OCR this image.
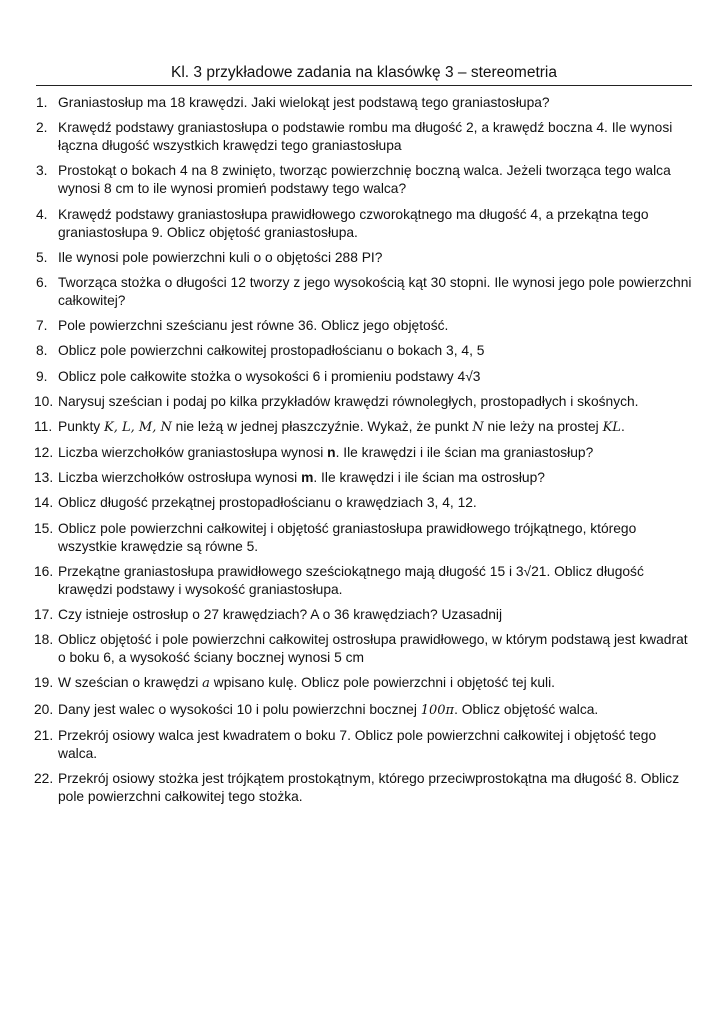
Kl. 3 przykładowe zadania na klasówkę 3 – stereometria
1. Graniastosłup ma 18 krawędzi. Jaki wielokąt jest podstawą tego graniastosłupa?
2. Krawędź podstawy graniastosłupa o podstawie rombu ma długość 2, a krawędź boczna 4. Ile wynosi łączna długość wszystkich krawędzi tego graniastosłupa
3. Prostokąt o bokach 4 na 8 zwinięto, tworząc powierzchnię boczną walca. Jeżeli tworząca tego walca wynosi 8 cm to ile wynosi promień podstawy tego walca?
4. Krawędź podstawy graniastosłupa prawidłowego czworokątnego ma długość 4, a przekątna tego graniastosłupa 9. Oblicz objętość graniastosłupa.
5. Ile wynosi pole powierzchni kuli o o objętości 288 PI?
6. Tworząca stożka o długości 12 tworzy z jego wysokością kąt 30 stopni. Ile wynosi jego pole powierzchni całkowitej?
7. Pole powierzchni sześcianu jest równe 36. Oblicz jego objętość.
8. Oblicz pole powierzchni całkowitej prostopadłościanu o bokach 3, 4, 5
9. Oblicz pole całkowite stożka o wysokości 6 i promieniu podstawy 4√3
10. Narysuj sześcian i podaj po kilka przykładów krawędzi równoległych, prostopadłych i skośnych.
11. Punkty K, L, M, N nie leżą w jednej płaszczyźnie. Wykaż, że punkt N nie leży na prostej KL.
12. Liczba wierzchołków graniastosłupa wynosi n. Ile krawędzi i ile ścian ma graniastosłup?
13. Liczba wierzchołków ostrosłupa wynosi m. Ile krawędzi i ile ścian ma ostrosłup?
14. Oblicz długość przekątnej prostopadłościanu o krawędziach 3, 4, 12.
15. Oblicz pole powierzchni całkowitej i objętość graniastosłupa prawidłowego trójkątnego, którego wszystkie krawędzie są równe 5.
16. Przekątne graniastosłupa prawidłowego sześciokątnego mają długość 15 i 3√21. Oblicz długość krawędzi podstawy i wysokość graniastosłupa.
17. Czy istnieje ostrosłup o 27 krawędziach? A o 36 krawędziach? Uzasadnij
18. Oblicz objętość i pole powierzchni całkowitej ostrosłupa prawidłowego, w którym podstawą jest kwadrat o boku 6, a wysokość ściany bocznej wynosi 5 cm
19. W sześcian o krawędzi a wpisano kulę. Oblicz pole powierzchni i objętość tej kuli.
20. Dany jest walec o wysokości 10 i polu powierzchni bocznej 100π. Oblicz objętość walca.
21. Przekrój osiowy walca jest kwadratem o boku 7. Oblicz pole powierzchni całkowitej i objętość tego walca.
22. Przekrój osiowy stożka jest trójkątem prostokątnym, którego przeciwprostokątna ma długość 8. Oblicz pole powierzchni całkowitej tego stożka.
